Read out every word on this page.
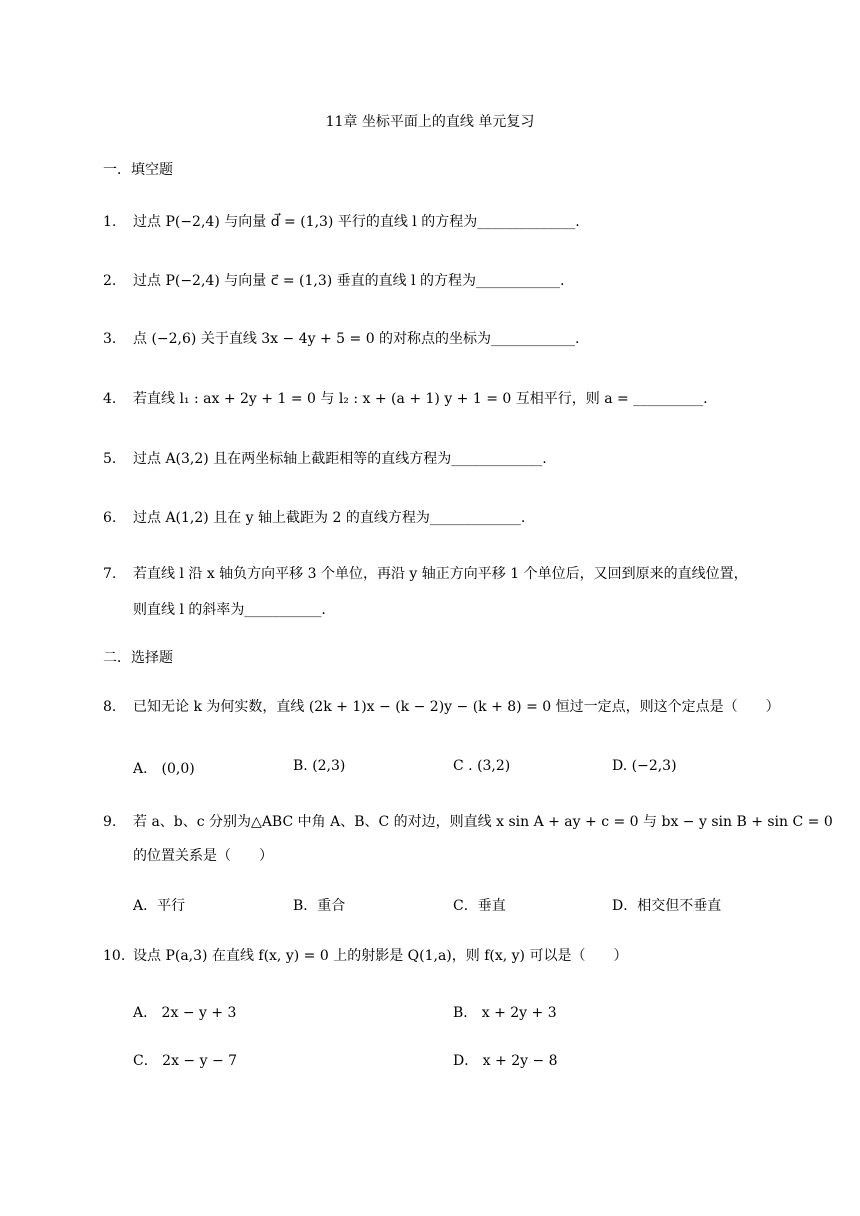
11章 坐标平面上的直线 单元复习
一．填空题
1. 过点 P(−2,4) 与向量 d⃗ = (1,3) 平行的直线 l 的方程为______________.
2. 过点 P(−2,4) 与向量 c⃗ = (1,3) 垂直的直线 l 的方程为____________.
3. 点 (−2,6) 关于直线 3x − 4y + 5 = 0 的对称点的坐标为____________.
4. 若直线 l₁ : ax + 2y + 1 = 0 与 l₂ : x + (a + 1) y + 1 = 0 互相平行，则 a = __________.
5. 过点 A(3,2) 且在两坐标轴上截距相等的直线方程为_____________.
6. 过点 A(1,2) 且在 y 轴上截距为 2 的直线方程为_____________.
7. 若直线 l 沿 x 轴负方向平移 3 个单位，再沿 y 轴正方向平移 1 个单位后，又回到原来的直线位置，
则直线 l 的斜率为___________.
二．选择题
8. 已知无论 k 为何实数，直线 (2k + 1)x − (k − 2)y − (k + 8) = 0 恒过一定点，则这个定点是（　　）
A． (0,0)	B. (2,3)	C . (3,2)	D. (−2,3)
9. 若 a、b、c 分别为△ABC 中角 A、B、C 的对边，则直线 x sin A + ay + c = 0 与 bx − y sin B + sin C = 0
的位置关系是（　　）
A．平行	B．重合	C．垂直	D．相交但不垂直
10. 设点 P(a,3) 在直线 f(x, y) = 0 上的射影是 Q(1,a)，则 f(x, y) 可以是（　　）
A． 2x − y + 3	B． x + 2y + 3
C． 2x − y − 7	D． x + 2y − 8
